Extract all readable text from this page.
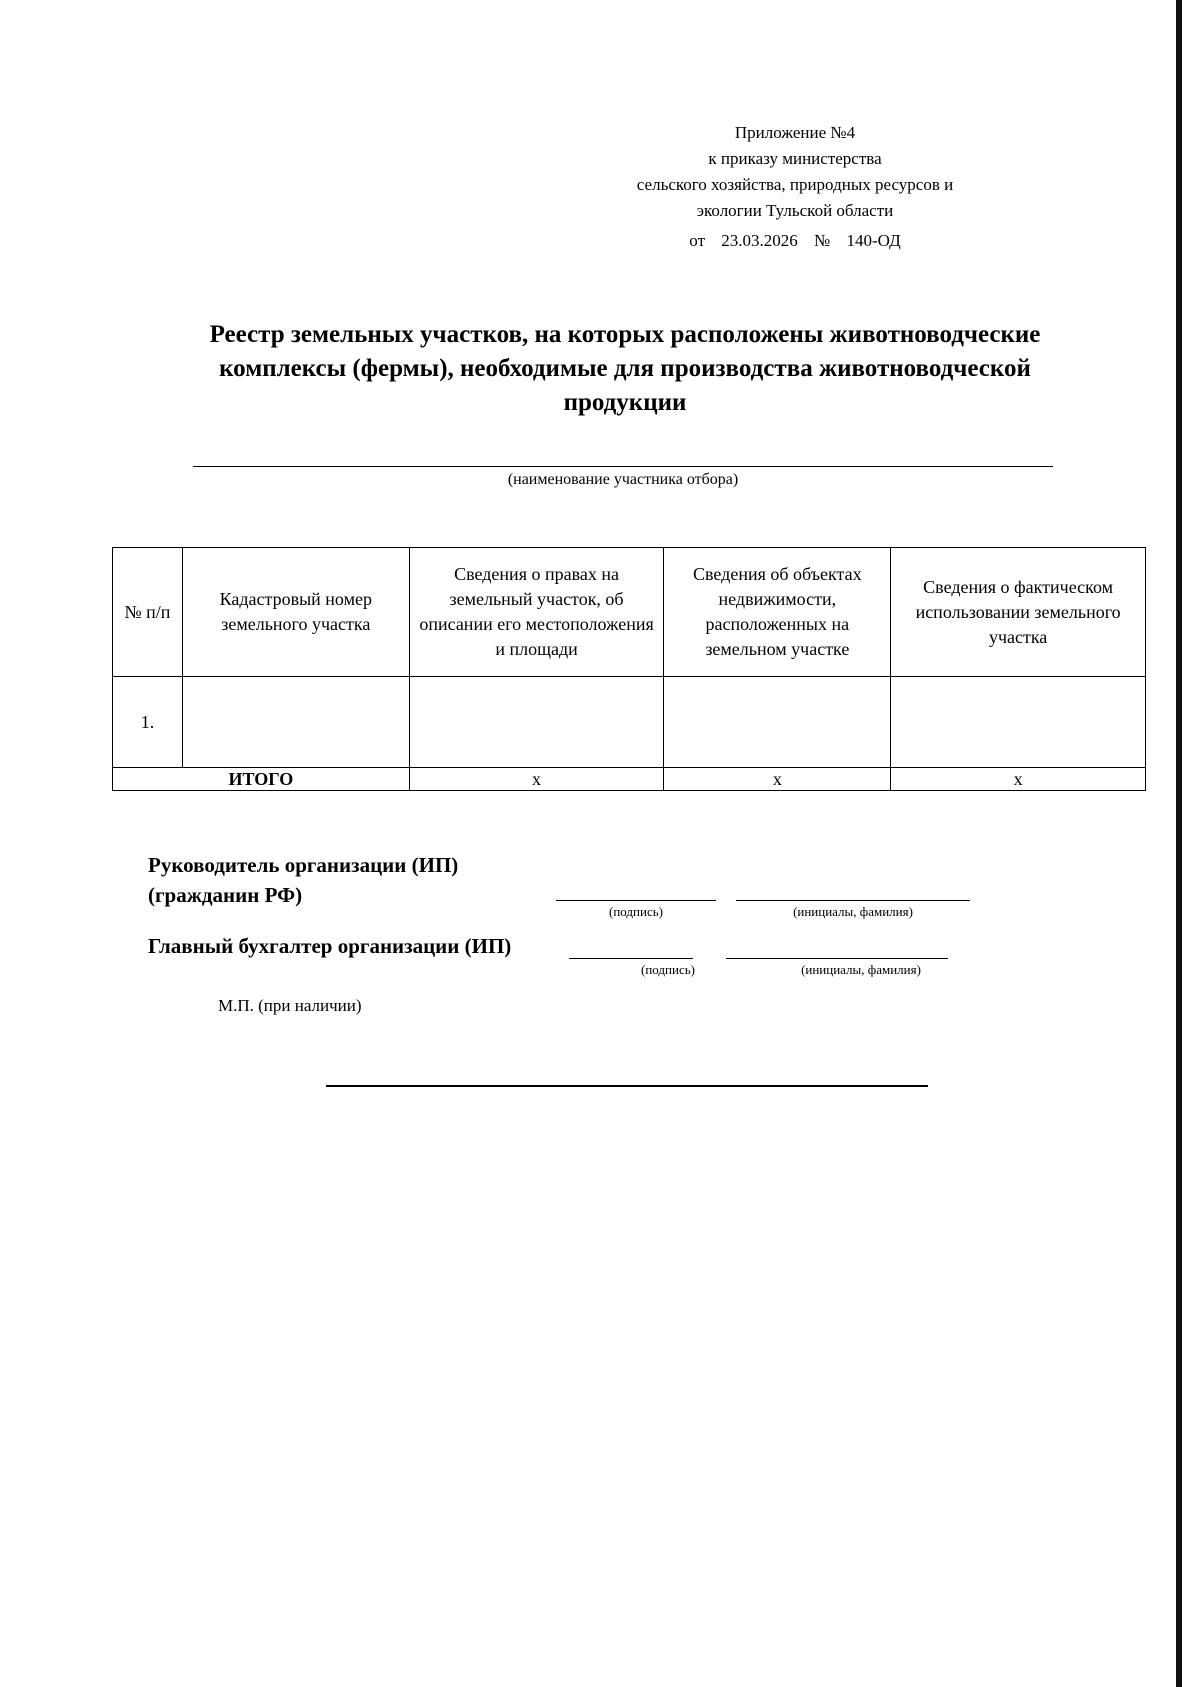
Приложение №4
к приказу министерства
сельского хозяйства, природных ресурсов и
экологии Тульской области
от 23.03.2026 № 140-ОД
Реестр земельных участков, на которых расположены животноводческие
комплексы (фермы), необходимые для производства животноводческой
продукции
(наименование участника отбора)
№ п/п	Кадастровый номер земельного участка	Сведения о правах на земельный участок, об описании его местоположения и площади	Сведения об объектах недвижимости, расположенных на земельном участке	Сведения о фактическом использовании земельного участка
1.				
ИТОГО		х	х	х
Руководитель организации (ИП)
(гражданин РФ)
(подпись)	(инициалы, фамилия)
Главный бухгалтер организации (ИП)
(подпись)	(инициалы, фамилия)
М.П. (при наличии)
